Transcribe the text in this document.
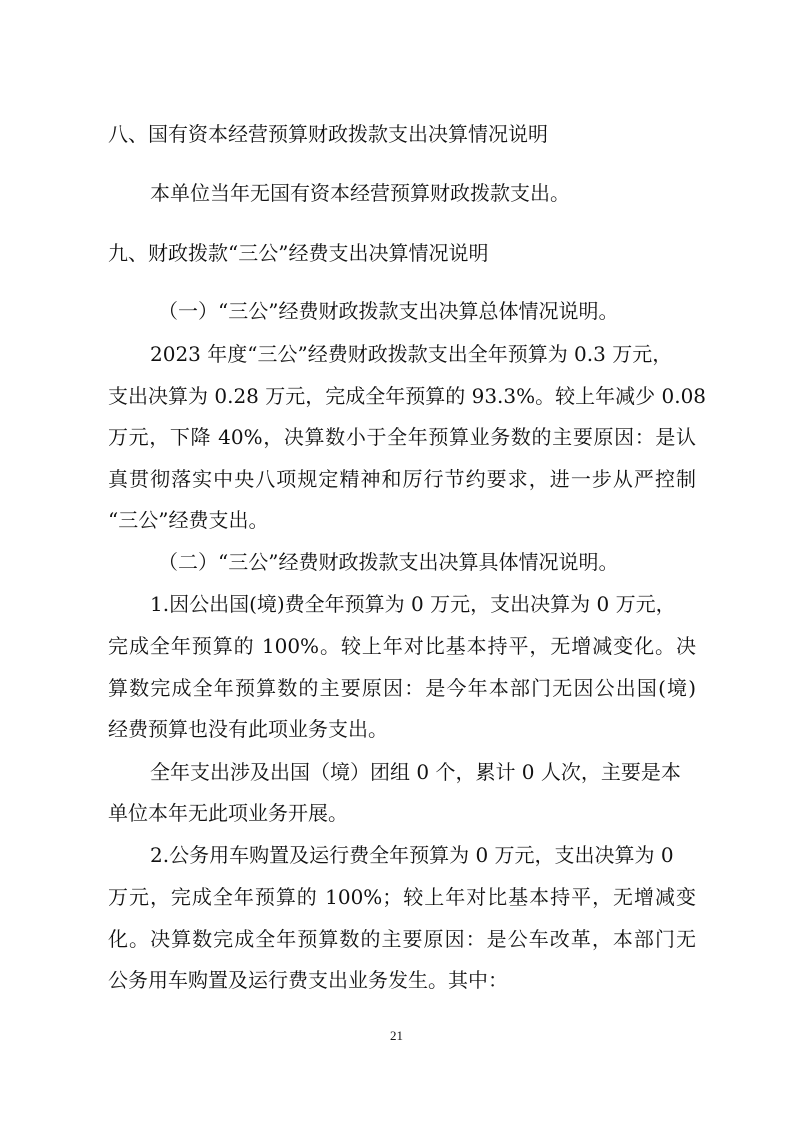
八、国有资本经营预算财政拨款支出决算情况说明

本单位当年无国有资本经营预算财政拨款支出。

九、财政拨款“三公”经费支出决算情况说明

（一）“三公”经费财政拨款支出决算总体情况说明。

2023 年度“三公”经费财政拨款支出全年预算为 0.3 万元，

支出决算为 0.28 万元，完成全年预算的 93.3%。较上年减少 0.08

万元，下降 40%，决算数小于全年预算业务数的主要原因：是认

真贯彻落实中央八项规定精神和厉行节约要求，进一步从严控制

“三公”经费支出。

（二）“三公”经费财政拨款支出决算具体情况说明。

1.因公出国(境)费全年预算为 0 万元，支出决算为 0 万元，

完成全年预算的 100%。较上年对比基本持平，无增减变化。决

算数完成全年预算数的主要原因：是今年本部门无因公出国(境)

经费预算也没有此项业务支出。

全年支出涉及出国（境）团组 0 个，累计 0 人次，主要是本

单位本年无此项业务开展。

2.公务用车购置及运行费全年预算为 0 万元，支出决算为 0

万元，完成全年预算的 100%；较上年对比基本持平，无增减变

化。决算数完成全年预算数的主要原因：是公车改革，本部门无

公务用车购置及运行费支出业务发生。其中：

21
